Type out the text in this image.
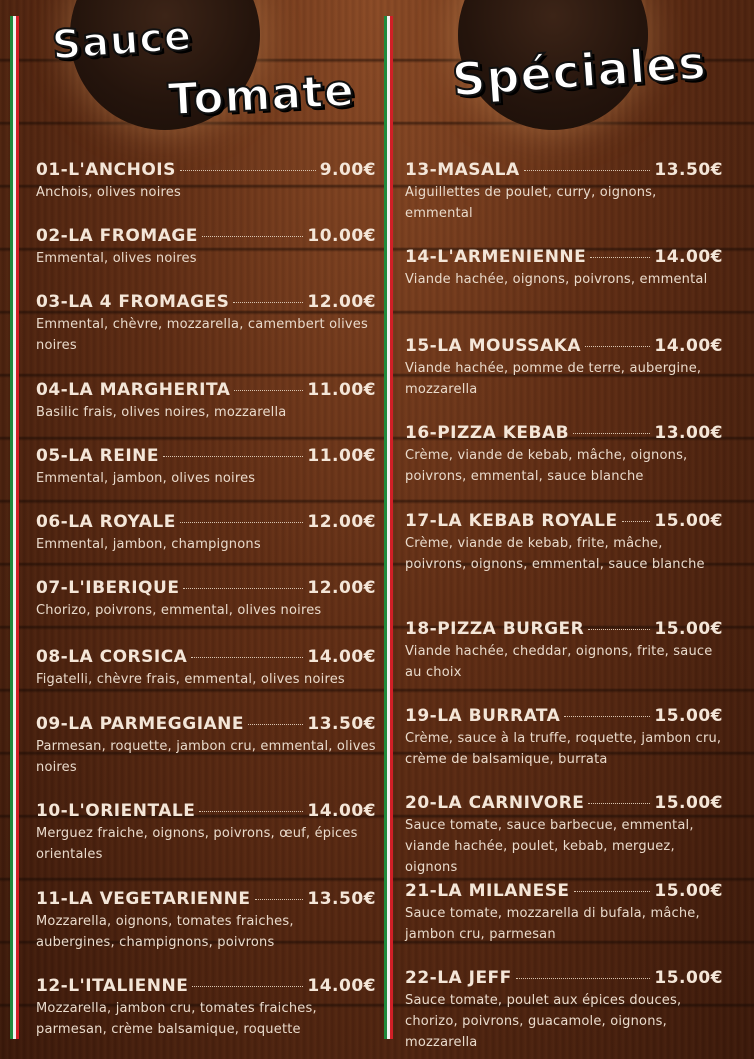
Sauce
Tomate Spéciales
01-L'ANCHOIS	9.00€
Anchois, olives noires
02-LA FROMAGE	10.00€
Emmental, olives noires
03-LA 4 FROMAGES	12.00€
Emmental, chèvre, mozzarella, camembert olives noires
04-LA MARGHERITA	11.00€
Basilic frais, olives noires, mozzarella
05-LA REINE	11.00€
Emmental, jambon, olives noires
06-LA ROYALE	12.00€
Emmental, jambon, champignons
07-L'IBERIQUE	12.00€
Chorizo, poivrons, emmental, olives noires
08-LA CORSICA	14.00€
Figatelli, chèvre frais, emmental, olives noires
09-LA PARMEGGIANE	13.50€
Parmesan, roquette, jambon cru, emmental, olives noires
10-L'ORIENTALE	14.00€
Merguez fraiche, oignons, poivrons, œuf, épices orientales
11-LA VEGETARIENNE	13.50€
Mozzarella, oignons, tomates fraiches, aubergines, champignons, poivrons
12-L'ITALIENNE	14.00€
Mozzarella, jambon cru, tomates fraiches, parmesan, crème balsamique, roquette
13-MASALA	13.50€
Aiguillettes de poulet, curry, oignons, emmental
14-L'ARMENIENNE	14.00€
Viande hachée, oignons, poivrons, emmental
15-LA MOUSSAKA	14.00€
Viande hachée, pomme de terre, aubergine, mozzarella
16-PIZZA KEBAB	13.00€
Crème, viande de kebab, mâche, oignons, poivrons, emmental, sauce blanche
17-LA KEBAB ROYALE 15.00€
Crème, viande de kebab, frite, mâche, poivrons, oignons, emmental, sauce blanche
18-PIZZA BURGER	15.00€
Viande hachée, cheddar, oignons, frite, sauce au choix
19-LA BURRATA	15.00€
Crème, sauce à la truffe, roquette, jambon cru, crème de balsamique, burrata
20-LA CARNIVORE	15.00€
Sauce tomate, sauce barbecue, emmental, viande hachée, poulet, kebab, merguez, oignons
21-LA MILANESE	15.00€
Sauce tomate, mozzarella di bufala, mâche, jambon cru, parmesan
22-LA JEFF	15.00€
Sauce tomate, poulet aux épices douces, chorizo, poivrons, guacamole, oignons, mozzarella
